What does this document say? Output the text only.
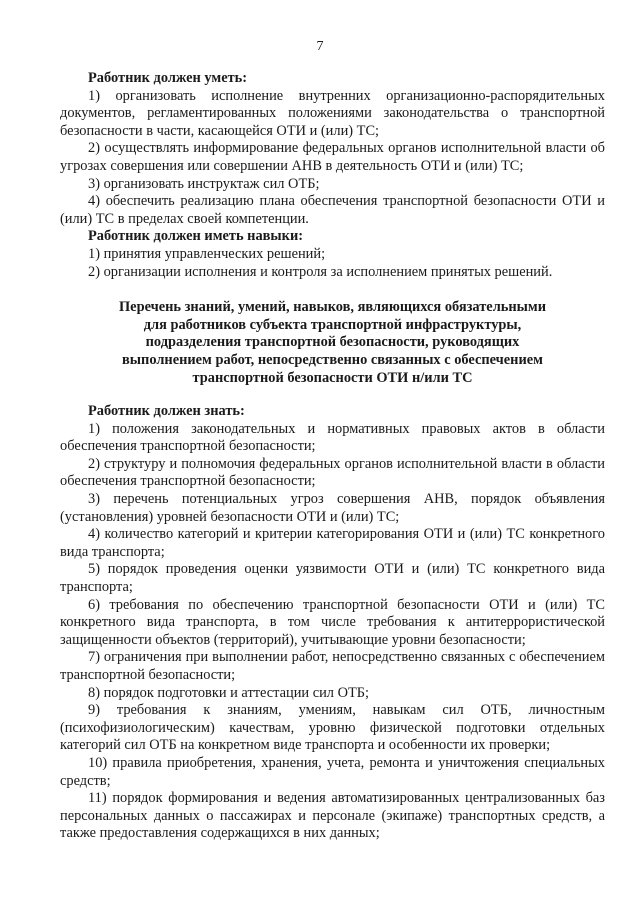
7

Работник должен уметь:

1) организовать исполнение внутренних организационно-распорядительных документов, регламентированных положениями законодательства о транспортной безопасности в части, касающейся ОТИ и (или) ТС;
2) осуществлять информирование федеральных органов исполнительной власти об угрозах совершения или совершении АНВ в деятельность ОТИ и (или) ТС;
3) организовать инструктаж сил ОТБ;
4) обеспечить реализацию плана обеспечения транспортной безопасности ОТИ и (или) ТС в пределах своей компетенции.

Работник должен иметь навыки:

1) принятия управленческих решений;
2) организации исполнения и контроля за исполнением принятых решений.
Перечень знаний, умений, навыков, являющихся обязательными
для работников субъекта транспортной инфраструктуры,
подразделения транспортной безопасности, руководящих
выполнением работ, непосредственно связанных с обеспечением
транспортной безопасности ОТИ н/или ТС

Работник должен знать:

1) положения законодательных и нормативных правовых актов в области обеспечения транспортной безопасности;
2) структуру и полномочия федеральных органов исполнительной власти в области обеспечения транспортной безопасности;
3) перечень потенциальных угроз совершения АНВ, порядок объявления (установления) уровней безопасности ОТИ и (или) ТС;
4) количество категорий и критерии категорирования ОТИ и (или) ТС конкретного вида транспорта;
5) порядок проведения оценки уязвимости ОТИ и (или) ТС конкретного вида транспорта;
6) требования по обеспечению транспортной безопасности ОТИ и (или) ТС конкретного вида транспорта, в том числе требования к антитеррористической защищенности объектов (территорий), учитывающие уровни безопасности;
7) ограничения при выполнении работ, непосредственно связанных с обеспечением транспортной безопасности;
8) порядок подготовки и аттестации сил ОТБ;
9) требования к знаниям, умениям, навыкам сил ОТБ, личностным (психофизиологическим) качествам, уровню физической подготовки отдельных категорий сил ОТБ на конкретном виде транспорта и особенности их проверки;
10) правила приобретения, хранения, учета, ремонта и уничтожения специальных средств;
11) порядок формирования и ведения автоматизированных централизованных баз персональных данных о пассажирах и персонале (экипаже) транспортных средств, а также предоставления содержащихся в них данных;
